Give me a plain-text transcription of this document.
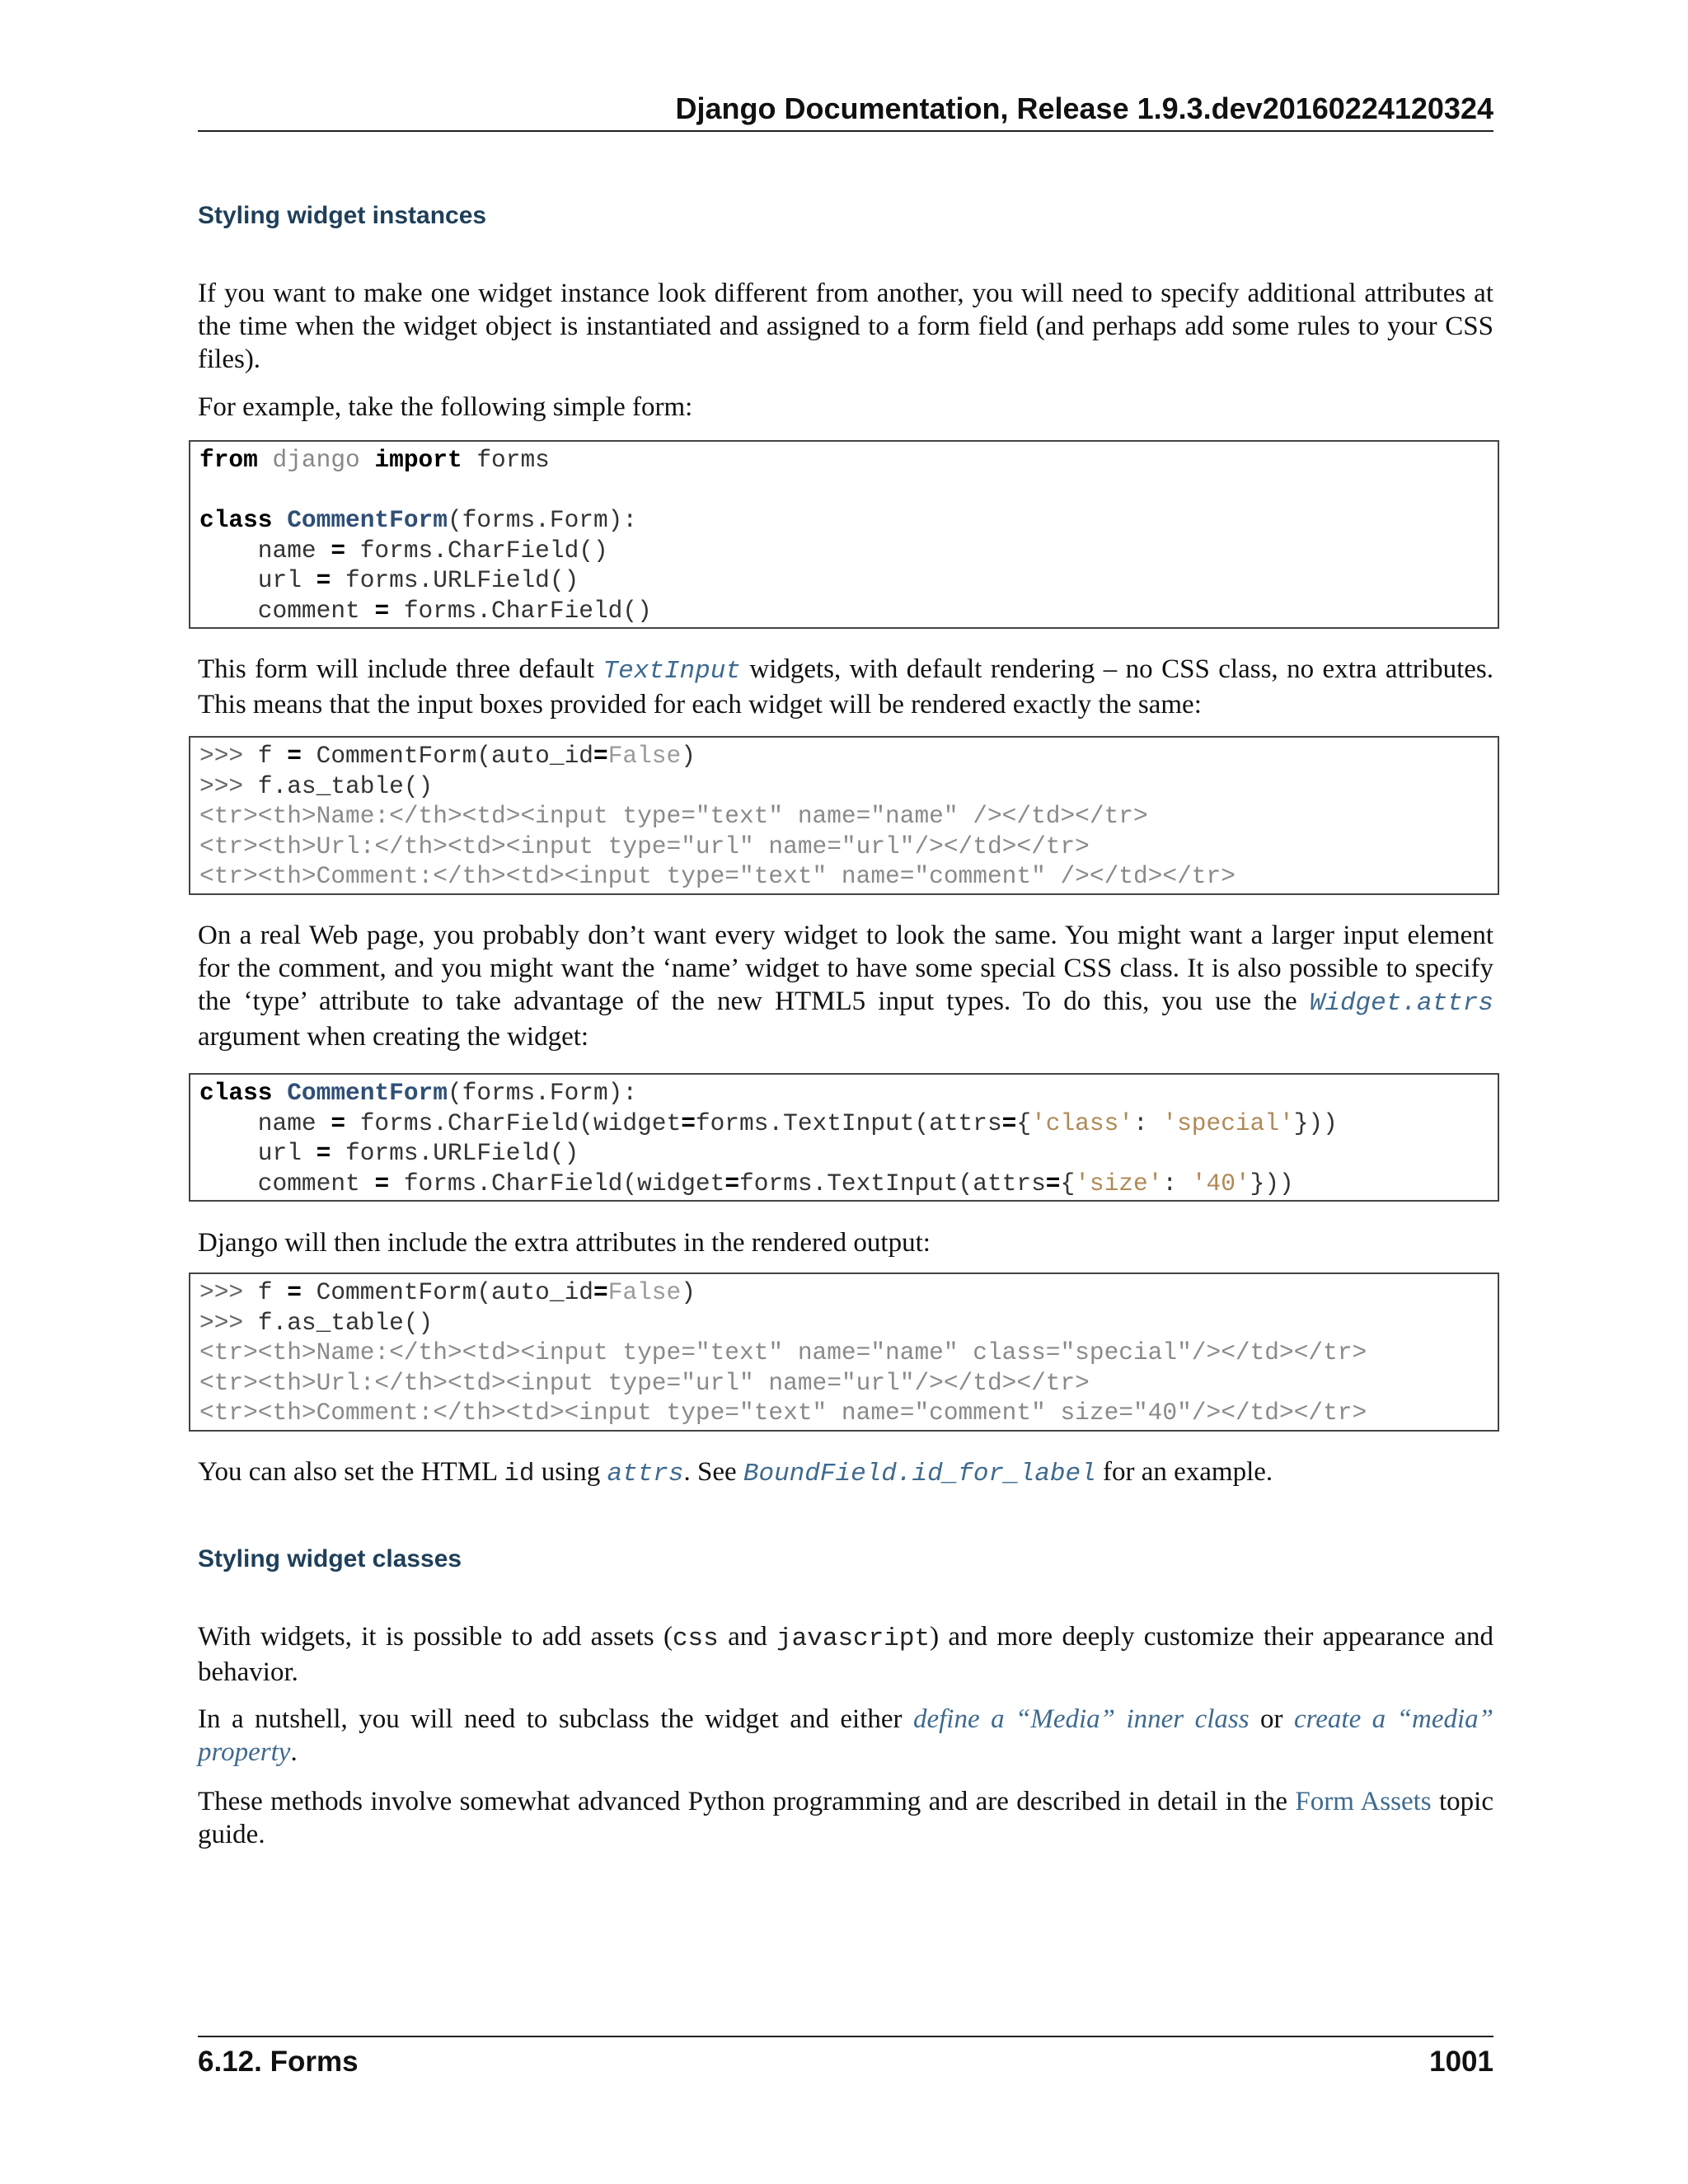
Django Documentation, Release 1.9.3.dev20160224120324
Styling widget instances

If you want to make one widget instance look different from another, you will need to specify additional attributes at the time when the widget object is instantiated and assigned to a form field (and perhaps add some rules to your CSS files).

For example, take the following simple form:

from django import forms
class CommentForm(forms.Form):
name = forms.CharField()
url = forms.URLField()
comment = forms.CharField()

This form will include three default TextInput widgets, with default rendering – no CSS class, no extra attributes. This means that the input boxes provided for each widget will be rendered exactly the same:

>>> f = CommentForm(auto_id=False)
>>> f.as_table()
<tr><th>Name:</th><td><input type="text" name="name" /></td></tr>
<tr><th>Url:</th><td><input type="url" name="url"/></td></tr>
<tr><th>Comment:</th><td><input type="text" name="comment" /></td></tr>

On a real Web page, you probably don’t want every widget to look the same. You might want a larger input element for the comment, and you might want the ‘name’ widget to have some special CSS class. It is also possible to specify the ‘type’ attribute to take advantage of the new HTML5 input types. To do this, you use the Widget.attrs argument when creating the widget:

class CommentForm(forms.Form):
name = forms.CharField(widget=forms.TextInput(attrs={'class': 'special'}))
url = forms.URLField()
comment = forms.CharField(widget=forms.TextInput(attrs={'size': '40'}))

Django will then include the extra attributes in the rendered output:

>>> f = CommentForm(auto_id=False)
>>> f.as_table()
<tr><th>Name:</th><td><input type="text" name="name" class="special"/></td></tr>
<tr><th>Url:</th><td><input type="url" name="url"/></td></tr>
<tr><th>Comment:</th><td><input type="text" name="comment" size="40"/></td></tr>

You can also set the HTML id using attrs. See BoundField.id_for_label for an example.

Styling widget classes

With widgets, it is possible to add assets (css and javascript) and more deeply customize their appearance and behavior.

In a nutshell, you will need to subclass the widget and either define a “Media” inner class or create a “media” property.

These methods involve somewhat advanced Python programming and are described in detail in the Form Assets topic guide.

6.12. Forms	1001
